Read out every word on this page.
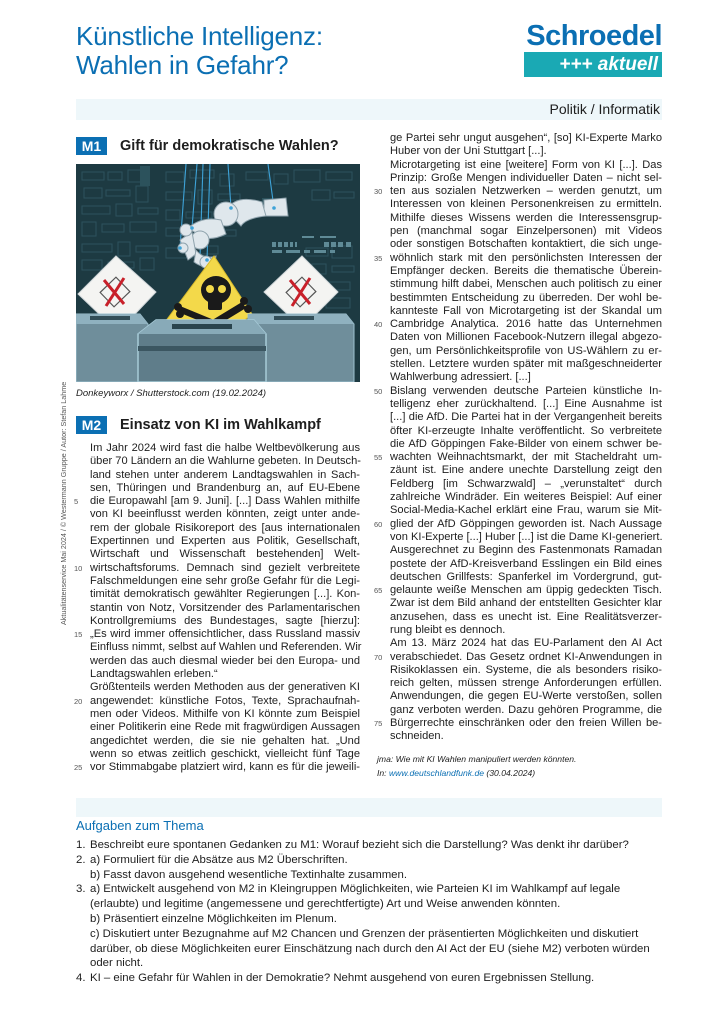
Künstliche Intelligenz:
Wahlen in Gefahr?
Schroedel
+++ aktuell
Politik / Informatik
Aktualitätenservice Mai 2024 / © Westermann Gruppe / Autor: Stefan Lahme
M1	Gift für demokratische Wahlen?
Donkeyworx / Shutterstock.com (19.02.2024)
M2	Einsatz von KI im Wahlkampf
Im Jahr 2024 wird fast die halbe Weltbevölkerung aus
über 70 Ländern an die Wahlurne gebeten. In Deutsch-
land stehen unter anderem Landtagswahlen in Sach-
sen, Thüringen und Brandenburg an, auf EU-Ebene
die Europawahl [am 9. Juni]. [...] Dass Wahlen mithilfe
5
von KI beeinflusst werden könnten, zeigt unter ande-
rem der globale Risikoreport des [aus internationalen
Expertinnen und Experten aus Politik, Gesellschaft,
Wirtschaft und Wissenschaft bestehenden] Welt-
wirtschaftsforums. Demnach sind gezielt verbreitete
10
Falschmeldungen eine sehr große Gefahr für die Legi-
timität demokratisch gewählter Regierungen [...]. Kon-
stantin von Notz, Vorsitzender des Parlamentarischen
Kontrollgremiums des Bundestages, sagte [hierzu]:
„Es wird immer offensichtlicher, dass Russland massiv
15
Einfluss nimmt, selbst auf Wahlen und Referenden. Wir
werden das auch diesmal wieder bei den Europa- und
Landtagswahlen erleben.“
Größtenteils werden Methoden aus der generativen KI
angewendet: künstliche Fotos, Texte, Sprachaufnah-
20
men oder Videos. Mithilfe von KI könnte zum Beispiel
einer Politikerin eine Rede mit fragwürdigen Aussagen
angedichtet werden, die sie nie gehalten hat. „Und
wenn so etwas zeitlich geschickt, vielleicht fünf Tage
vor Stimmabgabe platziert wird, kann es für die jeweili-
25
ge Partei sehr ungut ausgehen“, [so] KI-Experte Marko
Huber von der Uni Stuttgart [...].
Microtargeting ist eine [weitere] Form von KI [...]. Das
Prinzip: Große Mengen individueller Daten – nicht sel-
ten aus sozialen Netzwerken – werden genutzt, um
30
Interessen von kleinen Personenkreisen zu ermitteln.
Mithilfe dieses Wissens werden die Interessensgrup-
pen (manchmal sogar Einzelpersonen) mit Videos
oder sonstigen Botschaften kontaktiert, die sich unge-
wöhnlich stark mit den persönlichsten Interessen der
35
Empfänger decken. Bereits die thematische Überein-
stimmung hilft dabei, Menschen auch politisch zu einer
bestimmten Entscheidung zu überreden. Der wohl be-
kannteste Fall von Microtargeting ist der Skandal um
Cambridge Analytica. 2016 hatte das Unternehmen
40
Daten von Millionen Facebook-Nutzern illegal abgezo-
gen, um Persönlichkeitsprofile von US-Wählern zu er-
stellen. Letztere wurden später mit maßgeschneiderter
Wahlwerbung adressiert. [...]
Bislang verwenden deutsche Parteien künstliche In-
50
telligenz eher zurückhaltend. [...] Eine Ausnahme ist
[...] die AfD. Die Partei hat in der Vergangenheit bereits
öfter KI-erzeugte Inhalte veröffentlicht. So verbreitete
die AfD Göppingen Fake-Bilder von einem schwer be-
wachten Weihnachtsmarkt, der mit Stacheldraht um-
55
zäunt ist. Eine andere unechte Darstellung zeigt den
Feldberg [im Schwarzwald] – „verunstaltet“ durch
zahlreiche Windräder. Ein weiteres Beispiel: Auf einer
Social-Media-Kachel erklärt eine Frau, warum sie Mit-
glied der AfD Göppingen geworden ist. Nach Aussage
60
von KI-Experte [...] Huber [...] ist die Dame KI-generiert.
Ausgerechnet zu Beginn des Fastenmonats Ramadan
postete der AfD-Kreisverband Esslingen ein Bild eines
deutschen Grillfests: Spanferkel im Vordergrund, gut-
gelaunte weiße Menschen am üppig gedeckten Tisch.
65
Zwar ist dem Bild anhand der entstellten Gesichter klar
anzusehen, dass es unecht ist. Eine Realitätsverzer-
rung bleibt es dennoch.
Am 13. März 2024 hat das EU-Parlament den AI Act
verabschiedet. Das Gesetz ordnet KI-Anwendungen in
70
Risikoklassen ein. Systeme, die als besonders risiko-
reich gelten, müssen strenge Anforderungen erfüllen.
Anwendungen, die gegen EU-Werte verstoßen, sollen
ganz verboten werden. Dazu gehören Programme, die
Bürgerrechte einschränken oder den freien Willen be-
75
schneiden.
jma: Wie mit KI Wahlen manipuliert werden könnten.
In: www.deutschlandfunk.de (30.04.2024)
Aufgaben zum Thema
1. Beschreibt eure spontanen Gedanken zu M1: Worauf bezieht sich die Darstellung? Was denkt ihr darüber?
2. a) Formuliert für die Absätze aus M2 Überschriften.
b) Fasst davon ausgehend wesentliche Textinhalte zusammen.
3. a) Entwickelt ausgehend von M2 in Kleingruppen Möglichkeiten, wie Parteien KI im Wahlkampf auf legale (erlaubte) und legitime (angemessene und gerechtfertigte) Art und Weise anwenden könnten.
b) Präsentiert einzelne Möglichkeiten im Plenum.
c) Diskutiert unter Bezugnahme auf M2 Chancen und Grenzen der präsentierten Möglichkeiten und diskutiert darüber, ob diese Möglichkeiten eurer Einschätzung nach durch den AI Act der EU (siehe M2) verboten würden oder nicht.
4. KI – eine Gefahr für Wahlen in der Demokratie? Nehmt ausgehend von euren Ergebnissen Stellung.
